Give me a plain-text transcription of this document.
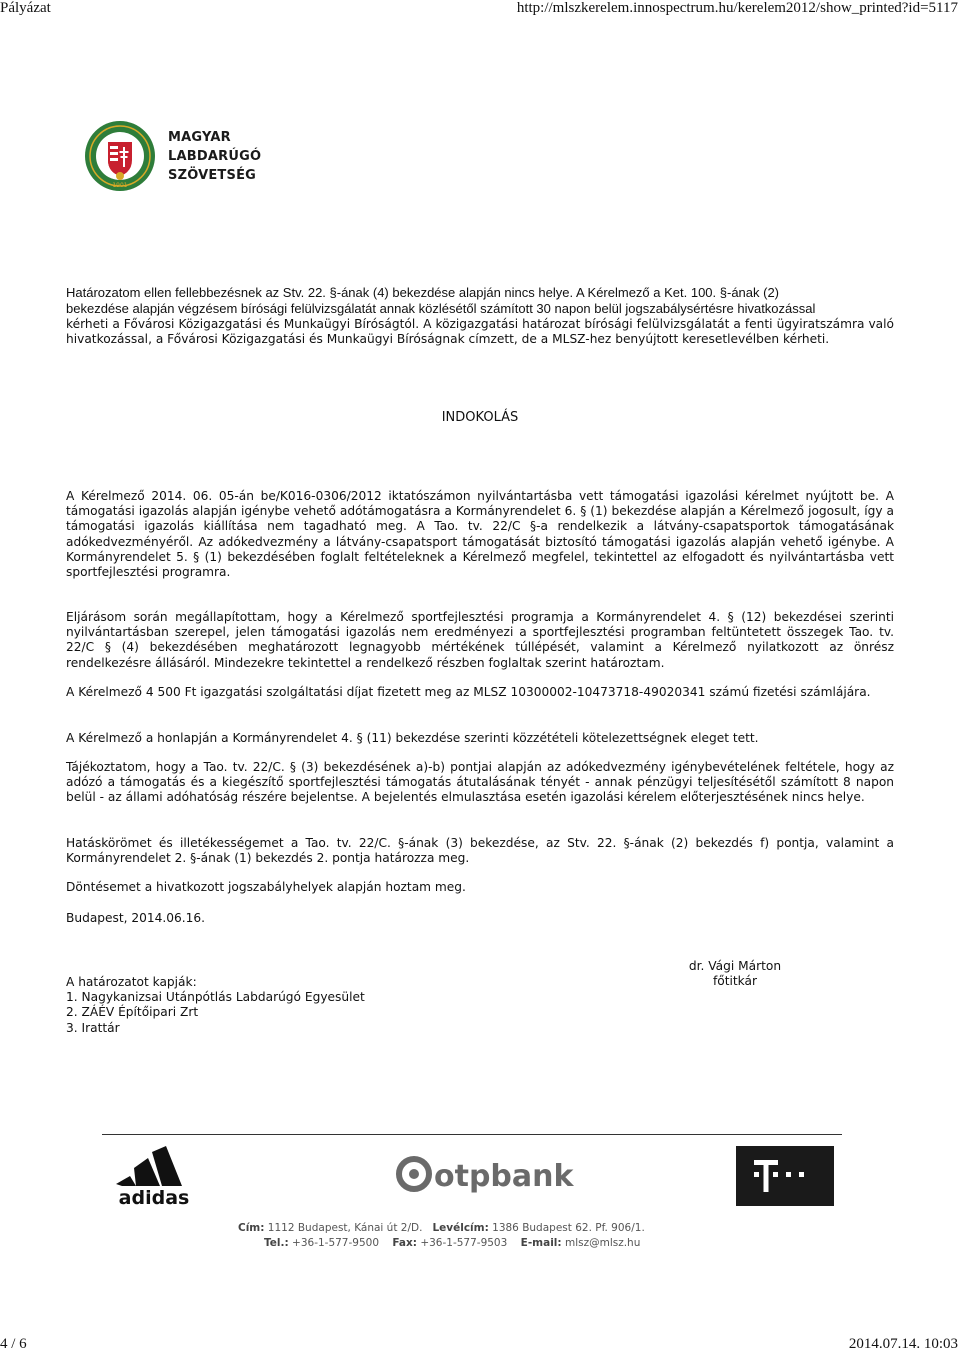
Pályázat	http://mlszkerelem.innospectrum.hu/kerelem2012/show_printed?id=5117
1901
MAGYAR
LABDARÚGÓ
SZÖVETSÉG
Határozatom ellen fellebbezésnek az Stv. 22. §-ának (4) bekezdése alapján nincs helye. A Kérelmező a Ket. 100. §-ának (2)
bekezdése alapján végzésem bírósági felülvizsgálatát annak közlésétől számított 30 napon belül jogszabálysértésre hivatkozással
kérheti a Fővárosi Közigazgatási és Munkaügyi Bíróságtól. A közigazgatási határozat bírósági felülvizsgálatát a fenti ügyiratszámra való hivatkozással, a Fővárosi Közigazgatási és Munkaügyi Bíróságnak címzett, de a MLSZ-hez benyújtott keresetlevélben kérheti.
INDOKOLÁS
A Kérelmező 2014. 06. 05-án be/K016-0306/2012 iktatószámon nyilvántartásba vett támogatási igazolási kérelmet nyújtott be. A támogatási igazolás alapján igénybe vehető adótámogatásra a Kormányrendelet 6. § (1) bekezdése alapján a Kérelmező jogosult, így a támogatási igazolás kiállítása nem tagadható meg. A Tao. tv. 22/C §-a rendelkezik a látvány-csapatsportok támogatásának adókedvezményéről. Az adókedvezmény a látvány-csapatsport támogatását biztosító támogatási igazolás alapján vehető igénybe. A Kormányrendelet 5. § (1) bekezdésében foglalt feltételeknek a Kérelmező megfelel, tekintettel az elfogadott és nyilvántartásba vett sportfejlesztési programra.
Eljárásom során megállapítottam, hogy a Kérelmező sportfejlesztési programja a Kormányrendelet 4. § (12) bekezdései szerinti nyilvántartásban szerepel, jelen támogatási igazolás nem eredményezi a sportfejlesztési programban feltüntetett összegek Tao. tv. 22/C § (4) bekezdésében meghatározott legnagyobb mértékének túllépését, valamint a Kérelmező nyilatkozott az önrész rendelkezésre állásáról. Mindezekre tekintettel a rendelkező részben foglaltak szerint határoztam.
A Kérelmező 4 500 Ft igazgatási szolgáltatási díjat fizetett meg az MLSZ 10300002-10473718-49020341 számú fizetési számlájára.
A Kérelmező a honlapján a Kormányrendelet 4. § (11) bekezdése szerinti közzétételi kötelezettségnek eleget tett.
Tájékoztatom, hogy a Tao. tv. 22/C. § (3) bekezdésének a)-b) pontjai alapján az adókedvezmény igénybevételének feltétele, hogy az adózó a támogatás és a kiegészítő sportfejlesztési támogatás átutalásának tényét - annak pénzügyi teljesítésétől számított 8 napon belül - az állami adóhatóság részére bejelentse. A bejelentés elmulasztása esetén igazolási kérelem előterjesztésének nincs helye.
Hatáskörömet és illetékességemet a Tao. tv. 22/C. §-ának (3) bekezdése, az Stv. 22. §-ának (2) bekezdés f) pontja, valamint a Kormányrendelet 2. §-ának (1) bekezdés 2. pontja határozza meg.
Döntésemet a hivatkozott jogszabályhelyek alapján hoztam meg.
Budapest, 2014.06.16.
A határozatot kapják:
1. Nagykanizsai Utánpótlás Labdarúgó Egyesület
2. ZÁÉV Építőipari Zrt
3. Irattár
dr. Vági Márton
főtitkár
adidas
otpbank
Cím: 1112 Budapest, Kánai út 2/D. Levélcím: 1386 Budapest 62. Pf. 906/1.
Tel.: +36-1-577-9500 Fax: +36-1-577-9503 E-mail: mlsz@mlsz.hu
4 / 6	2014.07.14. 10:03
